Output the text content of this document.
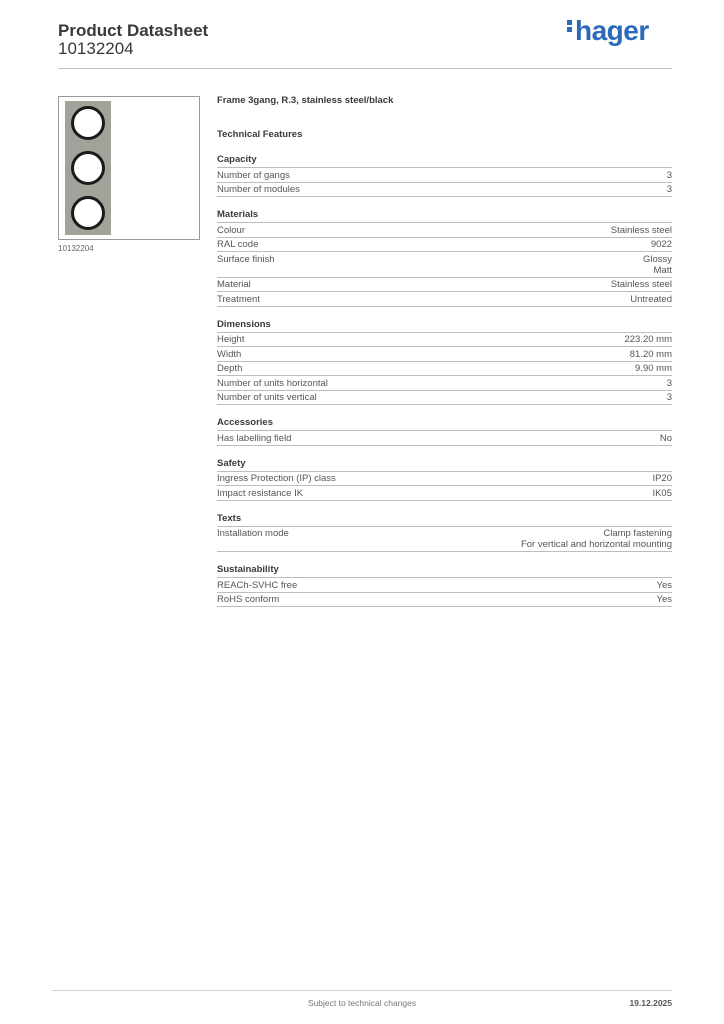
Product Datasheet
10132204
hager
10132204
Frame 3gang, R.3, stainless steel/black
Technical Features
Capacity
Number of gangs	3
Number of modules	3
Materials
Colour	Stainless steel
RAL code	9022
Surface finish	Glossy
Matt
Material	Stainless steel
Treatment	Untreated
Dimensions
Height	223.20 mm
Width	81.20 mm
Depth	9.90 mm
Number of units horizontal	3
Number of units vertical	3
Accessories
Has labelling field	No
Safety
Ingress Protection (IP) class	IP20
Impact resistance IK	IK05
Texts
Installation mode	Clamp fastening
For vertical and horizontal mounting
Sustainability
REACh-SVHC free	Yes
RoHS conform	Yes
Subject to technical changes	19.12.2025
